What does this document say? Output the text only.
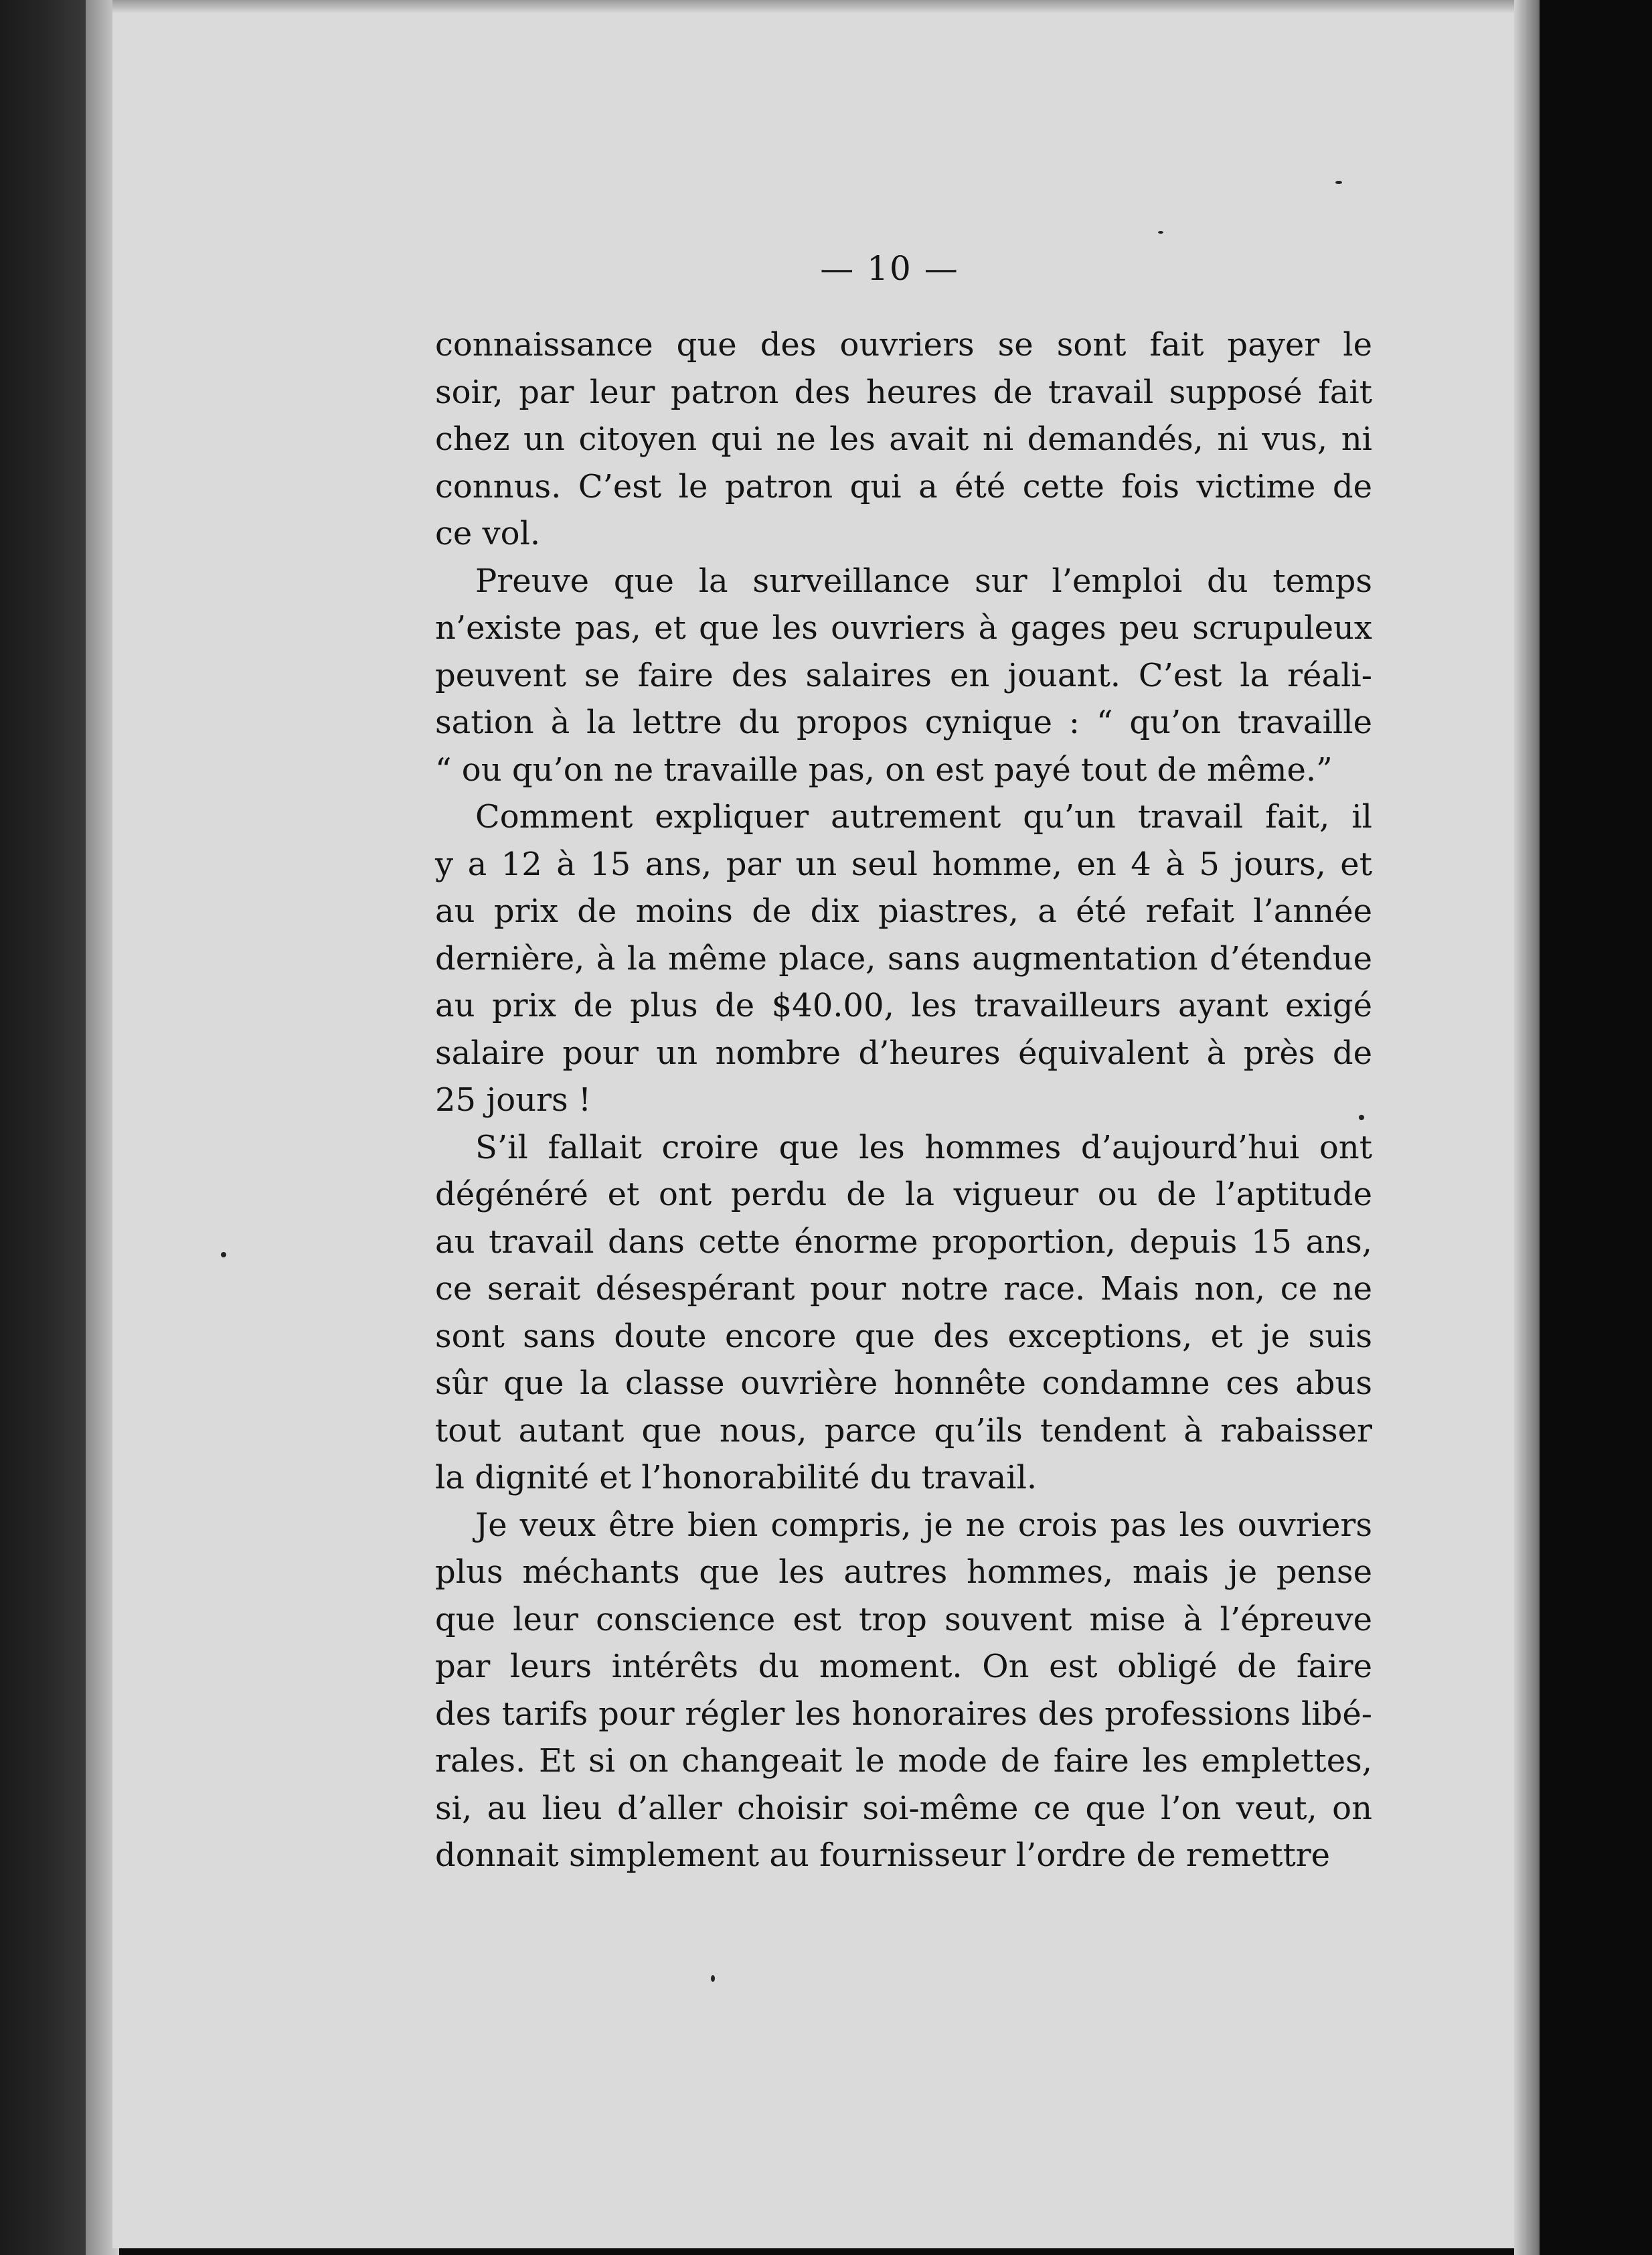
— 10 —
connaissance que des ouvriers se sont fait payer le
soir, par leur patron des heures de travail supposé fait
chez un citoyen qui ne les avait ni demandés, ni vus, ni
connus. C’est le patron qui a été cette fois victime de
ce vol.
Preuve que la surveillance sur l’emploi du temps
n’existe pas, et que les ouvriers à gages peu scrupuleux
peuvent se faire des salaires en jouant. C’est la réali-
sation à la lettre du propos cynique : “ qu’on travaille
“ ou qu’on ne travaille pas, on est payé tout de même.”
Comment expliquer autrement qu’un travail fait, il
y a 12 à 15 ans, par un seul homme, en 4 à 5 jours, et
au prix de moins de dix piastres, a été refait l’année
dernière, à la même place, sans augmentation d’étendue
au prix de plus de $40.00, les travailleurs ayant exigé
salaire pour un nombre d’heures équivalent à près de
25 jours !
S’il fallait croire que les hommes d’aujourd’hui ont
dégénéré et ont perdu de la vigueur ou de l’aptitude
au travail dans cette énorme proportion, depuis 15 ans,
ce serait désespérant pour notre race. Mais non, ce ne
sont sans doute encore que des exceptions, et je suis
sûr que la classe ouvrière honnête condamne ces abus
tout autant que nous, parce qu’ils tendent à rabaisser
la dignité et l’honorabilité du travail.
Je veux être bien compris, je ne crois pas les ouvriers
plus méchants que les autres hommes, mais je pense
que leur conscience est trop souvent mise à l’épreuve
par leurs intérêts du moment. On est obligé de faire
des tarifs pour régler les honoraires des professions libé-
rales. Et si on changeait le mode de faire les emplettes,
si, au lieu d’aller choisir soi-même ce que l’on veut, on
donnait simplement au fournisseur l’ordre de remettre
